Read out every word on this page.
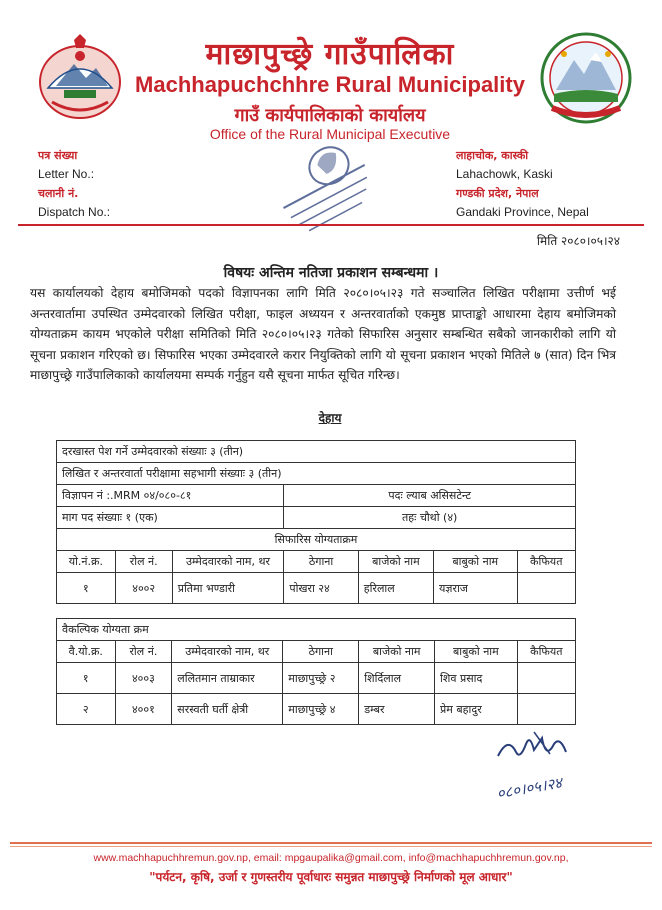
माछापुच्छ्रे गाउँपालिका
Machhapuchchhre Rural Municipality
गाउँ कार्यपालिकाको कार्यालय
Office of the Rural Municipal Executive
पत्र संख्या
Letter No.:
चलानी नं.
Dispatch No.:
लाहाचोक, कास्की
Lahachowk, Kaski
गण्डकी प्रदेश, नेपाल
Gandaki Province, Nepal
मिति २०८०।०५।२४
विषयः अन्तिम नतिजा प्रकाशन सम्बन्धमा ।
यस कार्यालयको देहाय बमोजिमको पदको विज्ञापनका लागि मिति २०८०।०५।२३ गते सञ्चालित लिखित परीक्षामा उत्तीर्ण भई अन्तरवार्तामा उपस्थित उम्मेदवारको लिखित परीक्षा, फाइल अध्ययन र अन्तरवार्ताको एकमुष्ठ प्राप्ताङ्को आधारमा देहाय बमोजिमको योग्यताक्रम कायम भएकोले परीक्षा समितिको मिति २०८०।०५।२३ गतेको सिफारिस अनुसार सम्बन्धित सबैको जानकारीको लागि यो सूचना प्रकाशन गरिएको छ। सिफारिस भएका उम्मेदवारले करार नियुक्तिको लागि यो सूचना प्रकाशन भएको मितिले ७ (सात) दिन भित्र माछापुच्छ्रे गाउँपालिकाको कार्यालयमा सम्पर्क गर्नुहुन यसै सूचना मार्फत सूचित गरिन्छ।
देहाय
दरखास्त पेश गर्ने उम्मेदवारको संख्याः ३ (तीन)						
लिखित र अन्तरवार्ता परीक्षामा सहभागी संख्याः ३ (तीन)						
विज्ञापन नं :.MRM ०४/०८०-८१			पदः ल्याब असिसटेन्ट			
माग पद संख्याः १ (एक)			तहः चौथो (४)			
सिफारिस योग्यताक्रम						
यो.नं.क्र.	रोल नं.	उम्मेदवारको नाम, थर	ठेगाना	बाजेको नाम	बाबुको नाम	कैफियत
१	४००२	प्रतिमा भण्डारी	पोखरा २४	हरिलाल	यज्ञराज	
वैकल्पिक योग्यता क्रम						
वै.यो.क्र.	रोल नं.	उम्मेदवारको नाम, थर	ठेगाना	बाजेको नाम	बाबुको नाम	कैफियत
१	४००३	ललितमान ताम्राकार	माछापुच्छ्रे २	शिर्दिलाल	शिव प्रसाद	
२	४००१	सरस्वती घर्ती क्षेत्री	माछापुच्छ्रे ४	डम्बर	प्रेम बहादुर	
०८०।०५।२४
www.machhapuchhremun.gov.np, email: mpgaupalika@gmail.com, info@machhapuchhremun.gov.np,
"पर्यटन, कृषि, उर्जा र गुणस्तरीय पूर्वाधारः समुन्नत माछापुच्छ्रे निर्माणको मूल आधार"
